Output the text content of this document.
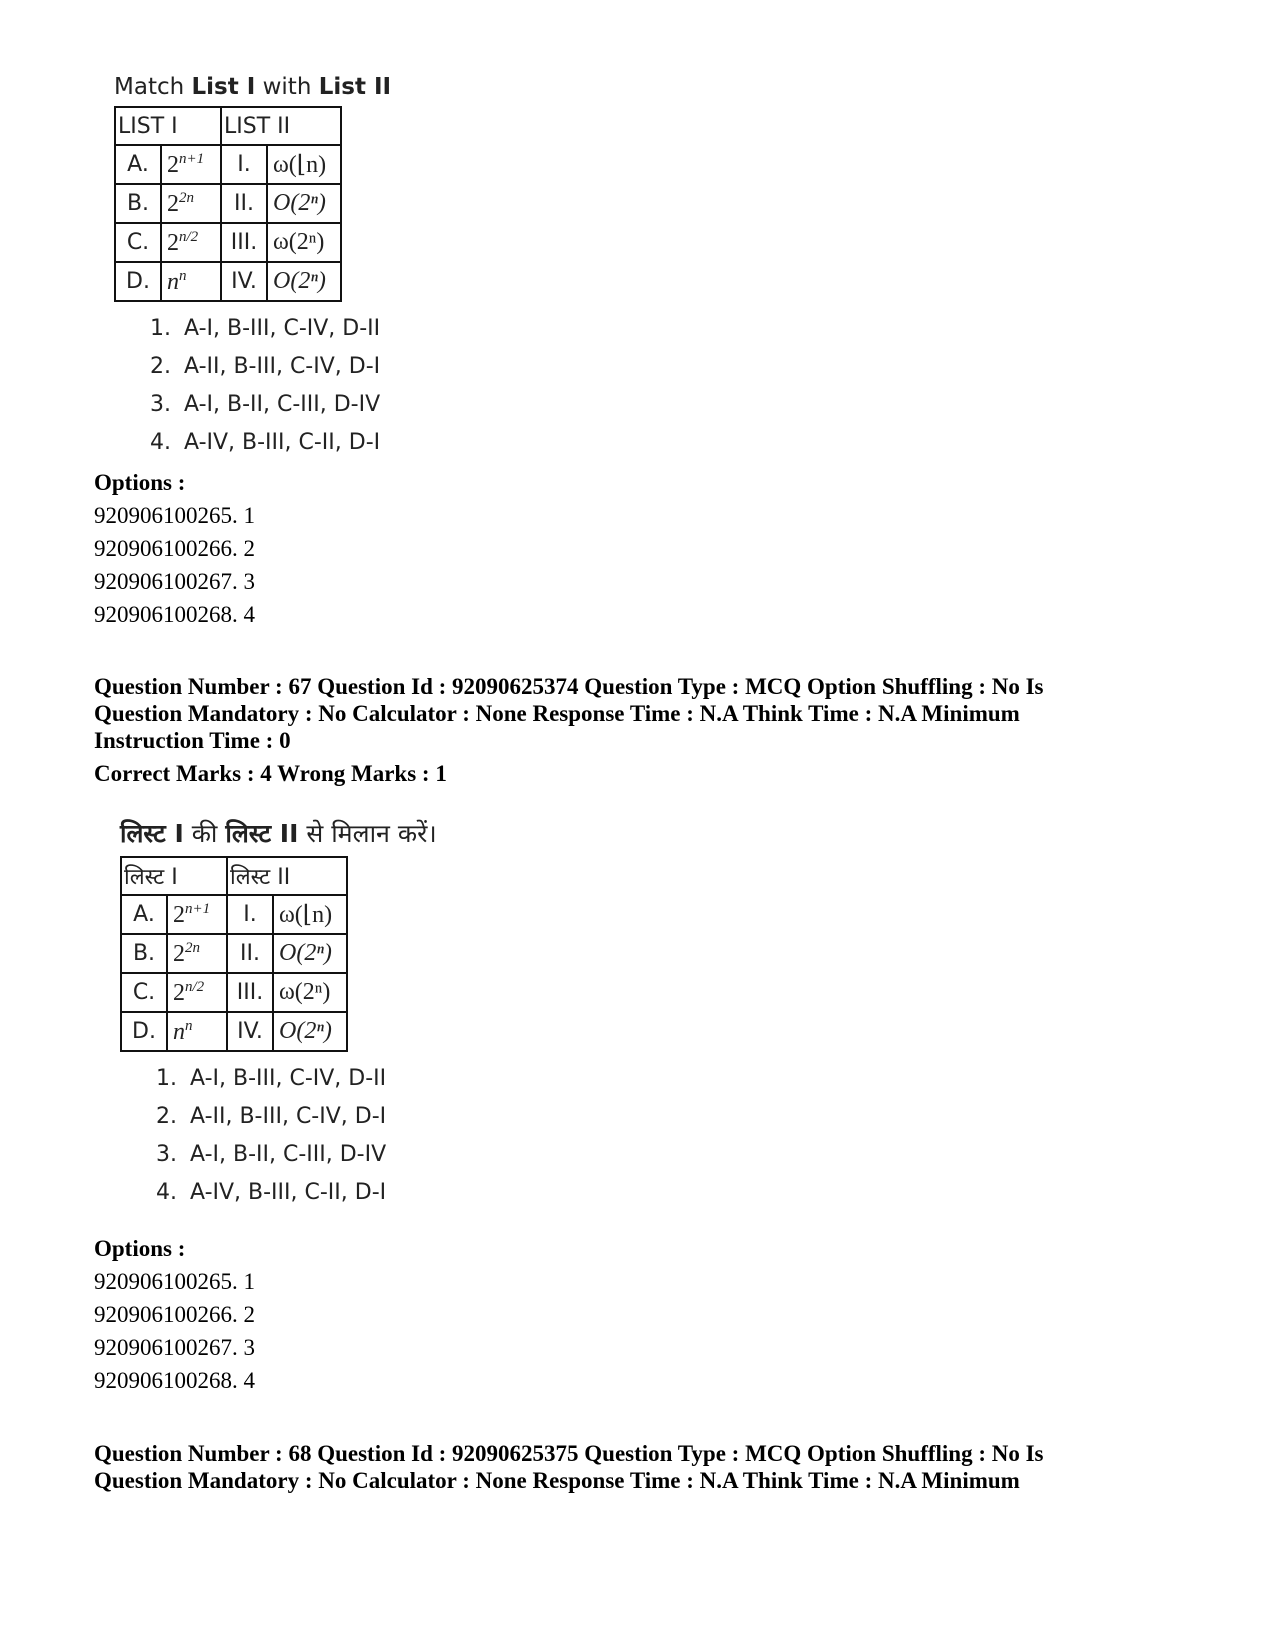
Match List I with List II
LIST I		LIST II	
A.	$2^{n+1}$	I.	ω(⌊n)
B.	$2^{2n}$	II.	O(2ⁿ)
C.	$2^{n/2}$	III.	ω(2ⁿ)
D.	$n^n$	IV.	O(2ⁿ)
1. A-I, B-III, C-IV, D-II
2. A-II, B-III, C-IV, D-I
3. A-I, B-II, C-III, D-IV
4. A-IV, B-III, C-II, D-I
Options :
920906100265. 1
920906100266. 2
920906100267. 3
920906100268. 4
Question Number : 67 Question Id : 92090625374 Question Type : MCQ Option Shuffling : No Is
Question Mandatory : No Calculator : None Response Time : N.A Think Time : N.A Minimum
Instruction Time : 0
Correct Marks : 4 Wrong Marks : 1
लिस्ट I की लिस्ट II से मिलान करें।
लिस्ट I		लिस्ट II	
A.	$2^{n+1}$	I.	ω(⌊n)
B.	$2^{2n}$	II.	O(2ⁿ)
C.	$2^{n/2}$	III.	ω(2ⁿ)
D.	$n^n$	IV.	O(2ⁿ)
1. A-I, B-III, C-IV, D-II
2. A-II, B-III, C-IV, D-I
3. A-I, B-II, C-III, D-IV
4. A-IV, B-III, C-II, D-I
Options :
920906100265. 1
920906100266. 2
920906100267. 3
920906100268. 4
Question Number : 68 Question Id : 92090625375 Question Type : MCQ Option Shuffling : No Is
Question Mandatory : No Calculator : None Response Time : N.A Think Time : N.A Minimum
